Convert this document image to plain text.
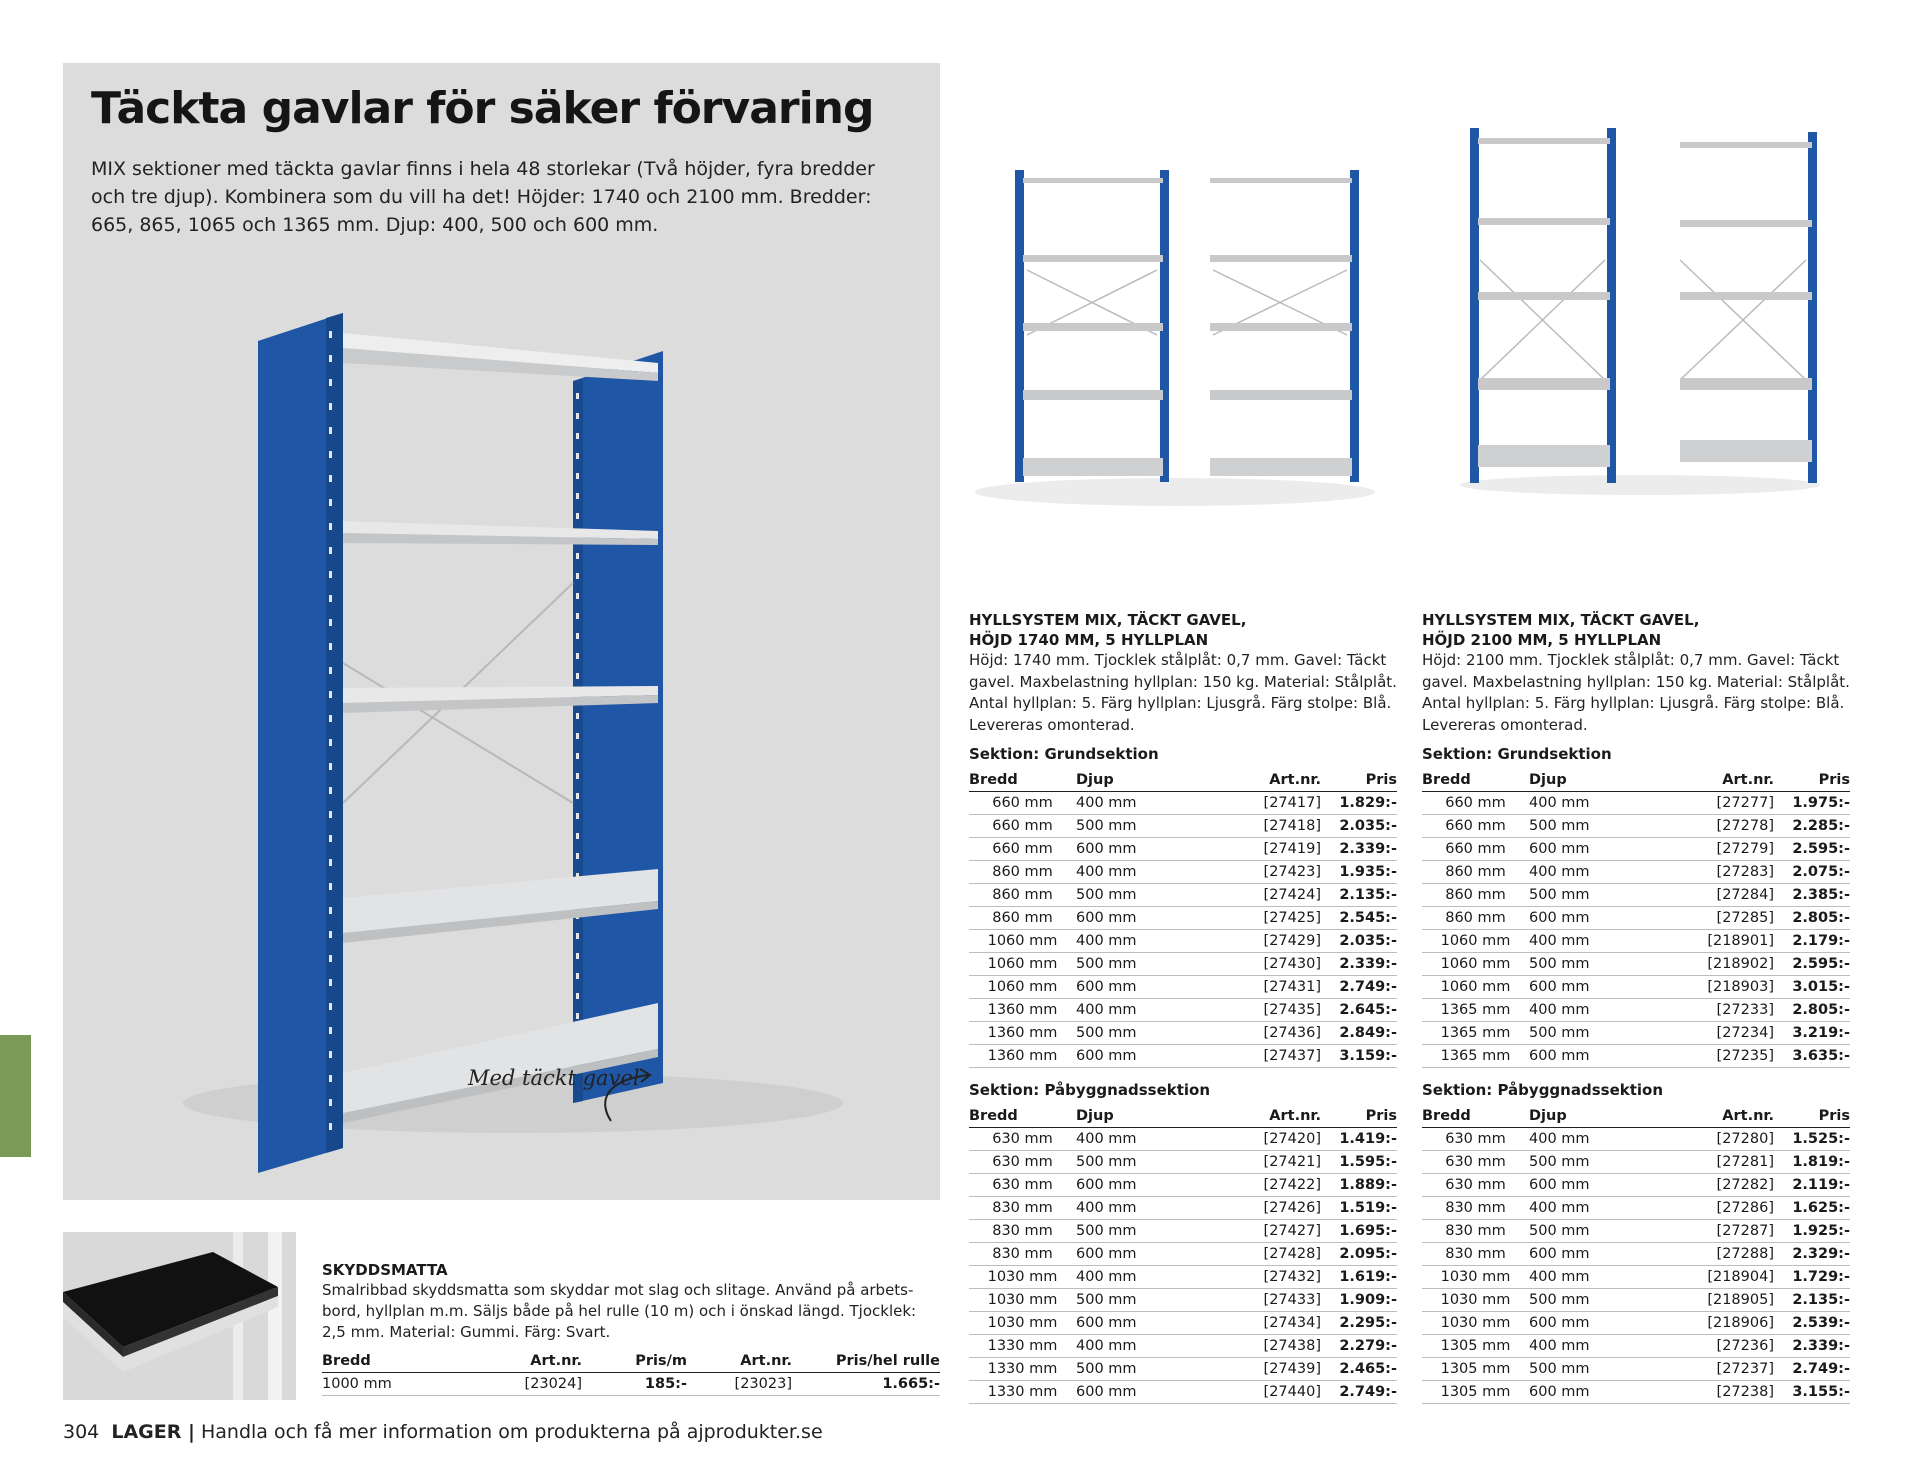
Täckta gavlar för säker förvaring

MIX sektioner med täckta gavlar finns i hela 48 storlekar (Två höjder, fyra bredder och tre djup). Kombinera som du vill ha det! Höjder: 1740 och 2100 mm. Bredder: 665, 865, 1065 och 1365 mm. Djup: 400, 500 och 600 mm.

Med täckt gavel
HYLLSYSTEM MIX, TÄCKT GAVEL,
HÖJD 1740 MM, 5 HYLLPLAN

Höjd: 1740 mm. Tjocklek stålplåt: 0,7 mm. Gavel: Täckt gavel. Maxbelastning hyllplan: 150 kg. Material: Stålplåt. Antal hyllplan: 5. Färg hyllplan: Ljusgrå. Färg stolpe: Blå. Levereras omonterad.

Sektion: Grundsektion
Bredd	Djup	Art.nr.	Pris
660 mm	400 mm	[27417]	1.829:-
660 mm	500 mm	[27418]	2.035:-
660 mm	600 mm	[27419]	2.339:-
860 mm	400 mm	[27423]	1.935:-
860 mm	500 mm	[27424]	2.135:-
860 mm	600 mm	[27425]	2.545:-
1060 mm	400 mm	[27429]	2.035:-
1060 mm	500 mm	[27430]	2.339:-
1060 mm	600 mm	[27431]	2.749:-
1360 mm	400 mm	[27435]	2.645:-
1360 mm	500 mm	[27436]	2.849:-
1360 mm	600 mm	[27437]	3.159:-
Sektion: Påbyggnadssektion
Bredd	Djup	Art.nr.	Pris
630 mm	400 mm	[27420]	1.419:-
630 mm	500 mm	[27421]	1.595:-
630 mm	600 mm	[27422]	1.889:-
830 mm	400 mm	[27426]	1.519:-
830 mm	500 mm	[27427]	1.695:-
830 mm	600 mm	[27428]	2.095:-
1030 mm	400 mm	[27432]	1.619:-
1030 mm	500 mm	[27433]	1.909:-
1030 mm	600 mm	[27434]	2.295:-
1330 mm	400 mm	[27438]	2.279:-
1330 mm	500 mm	[27439]	2.465:-
1330 mm	600 mm	[27440]	2.749:-
HYLLSYSTEM MIX, TÄCKT GAVEL,
HÖJD 2100 MM, 5 HYLLPLAN

Höjd: 2100 mm. Tjocklek stålplåt: 0,7 mm. Gavel: Täckt gavel. Maxbelastning hyllplan: 150 kg. Material: Stålplåt. Antal hyllplan: 5. Färg hyllplan: Ljusgrå. Färg stolpe: Blå. Levereras omonterad.

Sektion: Grundsektion
Bredd	Djup	Art.nr.	Pris
660 mm	400 mm	[27277]	1.975:-
660 mm	500 mm	[27278]	2.285:-
660 mm	600 mm	[27279]	2.595:-
860 mm	400 mm	[27283]	2.075:-
860 mm	500 mm	[27284]	2.385:-
860 mm	600 mm	[27285]	2.805:-
1060 mm	400 mm	[218901]	2.179:-
1060 mm	500 mm	[218902]	2.595:-
1060 mm	600 mm	[218903]	3.015:-
1365 mm	400 mm	[27233]	2.805:-
1365 mm	500 mm	[27234]	3.219:-
1365 mm	600 mm	[27235]	3.635:-
Sektion: Påbyggnadssektion
Bredd	Djup	Art.nr.	Pris
630 mm	400 mm	[27280]	1.525:-
630 mm	500 mm	[27281]	1.819:-
630 mm	600 mm	[27282]	2.119:-
830 mm	400 mm	[27286]	1.625:-
830 mm	500 mm	[27287]	1.925:-
830 mm	600 mm	[27288]	2.329:-
1030 mm	400 mm	[218904]	1.729:-
1030 mm	500 mm	[218905]	2.135:-
1030 mm	600 mm	[218906]	2.539:-
1305 mm	400 mm	[27236]	2.339:-
1305 mm	500 mm	[27237]	2.749:-
1305 mm	600 mm	[27238]	3.155:-
SKYDDSMATTA

Smalribbad skyddsmatta som skyddar mot slag och slitage. Använd på arbets-bord, hyllplan m.m. Säljs både på hel rulle (10 m) och i önskad längd. Tjocklek: 2,5 mm. Material: Gummi. Färg: Svart.

Bredd	Art.nr.	Pris/m	Art.nr.	Pris/hel rulle
1000 mm	[23024]	185:-	[23023]	1.665:-
304 LAGER | Handla och få mer information om produkterna på ajprodukter.se
